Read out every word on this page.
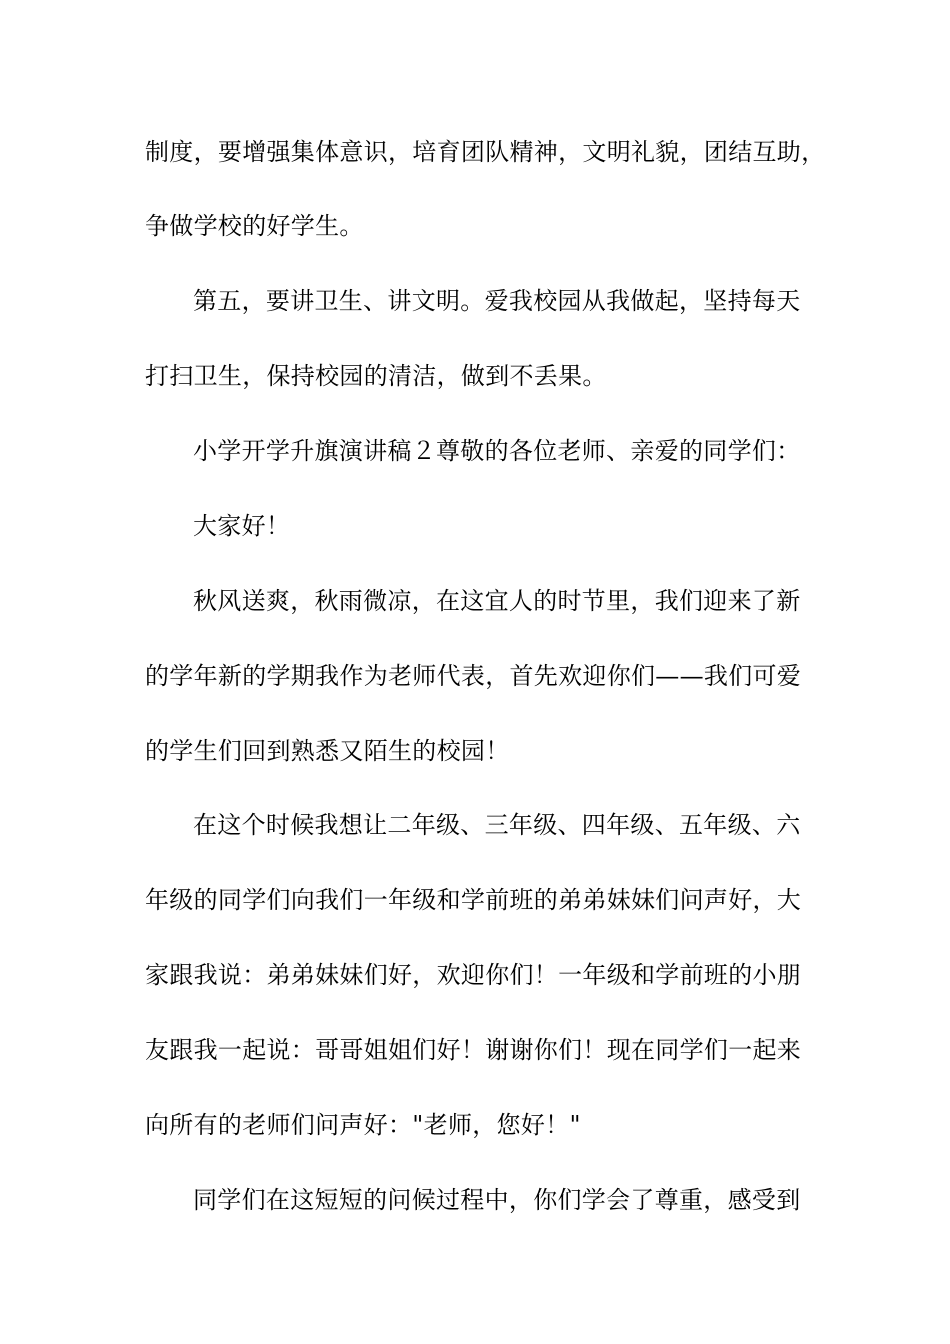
制度，要增强集体意识，培育团队精神，文明礼貌，团结互助，
争做学校的好学生。
第五，要讲卫生、讲文明。爱我校园从我做起，坚持每天
打扫卫生，保持校园的清洁，做到不丢果。
小学开学升旗演讲稿２尊敬的各位老师、亲爱的同学们：
大家好！
秋风送爽，秋雨微凉，在这宜人的时节里，我们迎来了新
的学年新的学期我作为老师代表，首先欢迎你们——我们可爱
的学生们回到熟悉又陌生的校园！
在这个时候我想让二年级、三年级、四年级、五年级、六
年级的同学们向我们一年级和学前班的弟弟妹妹们问声好，大
家跟我说：弟弟妹妹们好，欢迎你们！一年级和学前班的小朋
友跟我一起说：哥哥姐姐们好！谢谢你们！现在同学们一起来
向所有的老师们问声好："老师，您好！"
同学们在这短短的问候过程中，你们学会了尊重，感受到
